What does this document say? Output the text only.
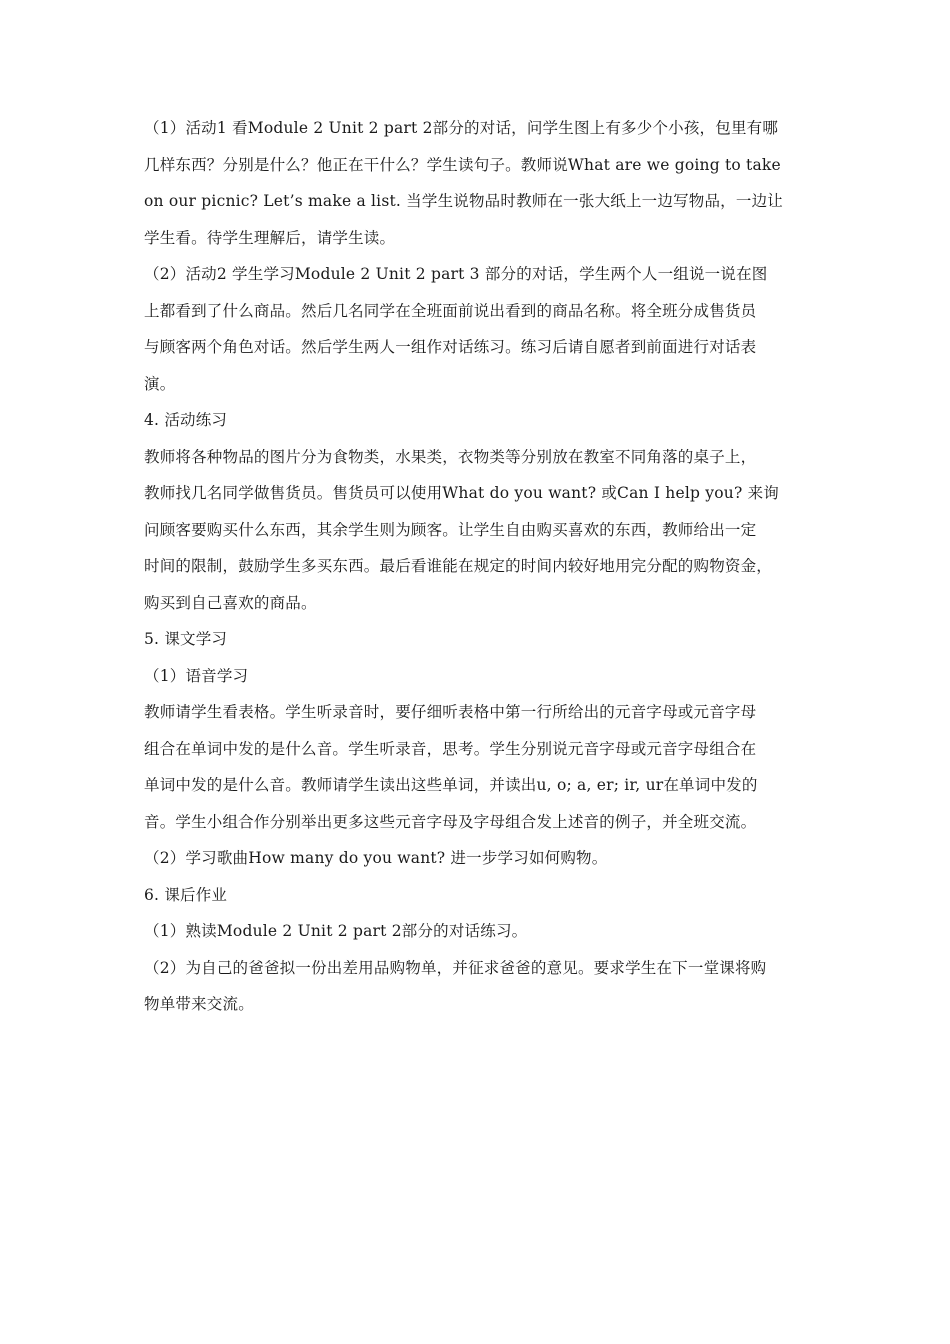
（1）活动1 看Module 2 Unit 2 part 2部分的对话，问学生图上有多少个小孩，包里有哪
几样东西？分别是什么？他正在干什么？学生读句子。教师说What are we going to take
on our picnic? Let’s make a list. 当学生说物品时教师在一张大纸上一边写物品，一边让
学生看。待学生理解后，请学生读。
（2）活动2 学生学习Module 2 Unit 2 part 3 部分的对话，学生两个人一组说一说在图
上都看到了什么商品。然后几名同学在全班面前说出看到的商品名称。将全班分成售货员
与顾客两个角色对话。然后学生两人一组作对话练习。练习后请自愿者到前面进行对话表
演。
4. 活动练习
教师将各种物品的图片分为食物类，水果类，衣物类等分别放在教室不同角落的桌子上，
教师找几名同学做售货员。售货员可以使用What do you want? 或Can I help you? 来询
问顾客要购买什么东西，其余学生则为顾客。让学生自由购买喜欢的东西，教师给出一定
时间的限制，鼓励学生多买东西。最后看谁能在规定的时间内较好地用完分配的购物资金，
购买到自己喜欢的商品。
5. 课文学习
（1）语音学习
教师请学生看表格。学生听录音时，要仔细听表格中第一行所给出的元音字母或元音字母
组合在单词中发的是什么音。学生听录音，思考。学生分别说元音字母或元音字母组合在
单词中发的是什么音。教师请学生读出这些单词，并读出u, o; a, er; ir, ur在单词中发的
音。学生小组合作分别举出更多这些元音字母及字母组合发上述音的例子，并全班交流。
（2）学习歌曲How many do you want? 进一步学习如何购物。
6. 课后作业
（1）熟读Module 2 Unit 2 part 2部分的对话练习。
（2）为自己的爸爸拟一份出差用品购物单，并征求爸爸的意见。要求学生在下一堂课将购
物单带来交流。
